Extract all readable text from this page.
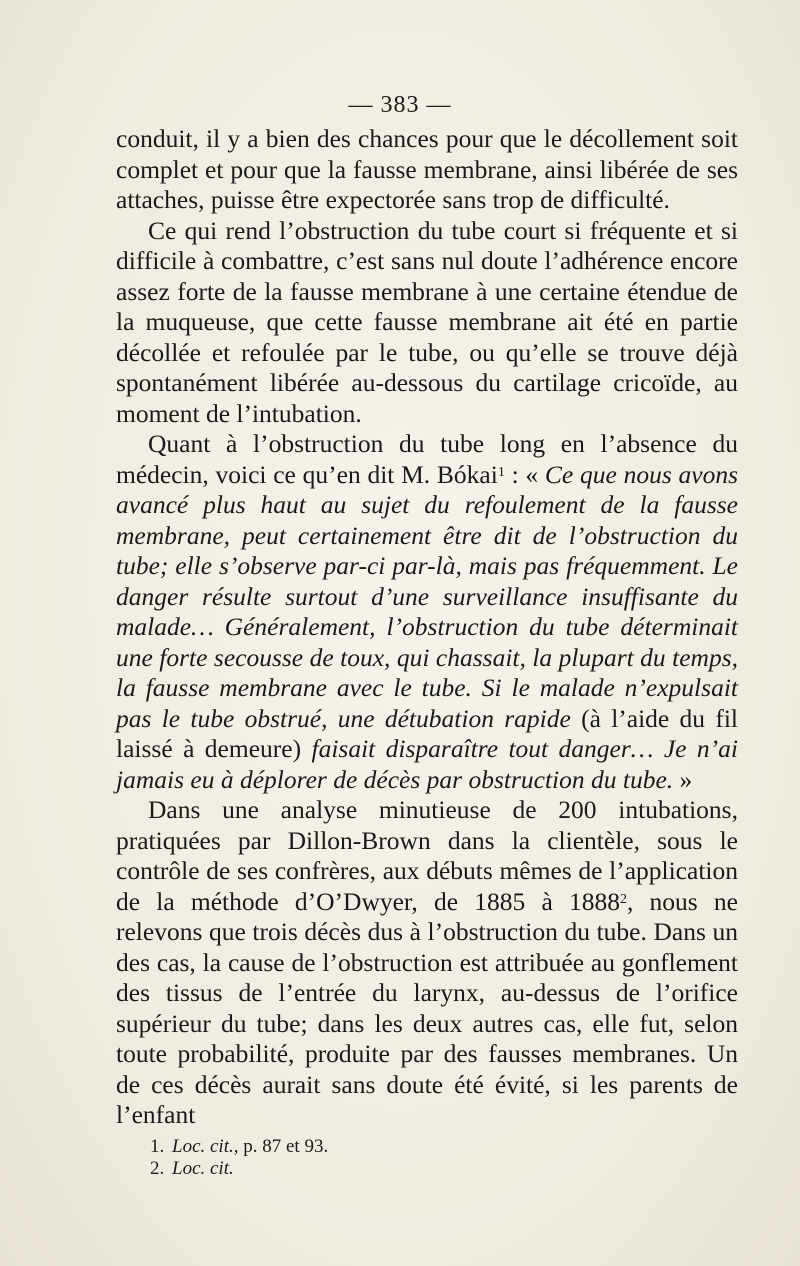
— 383 —

conduit, il y a bien des chances pour que le décollement soit complet et pour que la fausse membrane, ainsi libérée de ses attaches, puisse être expectorée sans trop de difficulté.

Ce qui rend l’obstruction du tube court si fréquente et si difficile à combattre, c’est sans nul doute l’adhérence encore assez forte de la fausse membrane à une certaine étendue de la muqueuse, que cette fausse membrane ait été en partie décollée et refoulée par le tube, ou qu’elle se trouve déjà spontanément libérée au-dessous du cartilage cricoïde, au moment de l’intubation.

Quant à l’obstruction du tube long en l’absence du médecin, voici ce qu’en dit M. Bókai$^1$ : « Ce que nous avons avancé plus haut au sujet du refoulement de la fausse membrane, peut certainement être dit de l’obstruction du tube; elle s’observe par-ci par-là, mais pas fréquemment. Le danger résulte surtout d’une surveillance insuffisante du malade… Généralement, l’obstruction du tube déterminait une forte secousse de toux, qui chassait, la plupart du temps, la fausse membrane avec le tube. Si le malade n’expulsait pas le tube obstrué, une détubation rapide (à l’aide du fil laissé à demeure) faisait disparaître tout danger… Je n’ai jamais eu à déplorer de décès par obstruction du tube. »

Dans une analyse minutieuse de 200 intubations, pratiquées par Dillon-Brown dans la clientèle, sous le contrôle de ses confrères, aux débuts mêmes de l’application de la méthode d’O’Dwyer, de 1885 à 1888$^2$, nous ne relevons que trois décès dus à l’obstruction du tube. Dans un des cas, la cause de l’obstruction est attribuée au gonflement des tissus de l’entrée du larynx, au-dessus de l’orifice supérieur du tube; dans les deux autres cas, elle fut, selon toute probabilité, produite par des fausses membranes. Un de ces décès aurait sans doute été évité, si les parents de l’enfant

1. Loc. cit., p. 87 et 93.

2. Loc. cit.
